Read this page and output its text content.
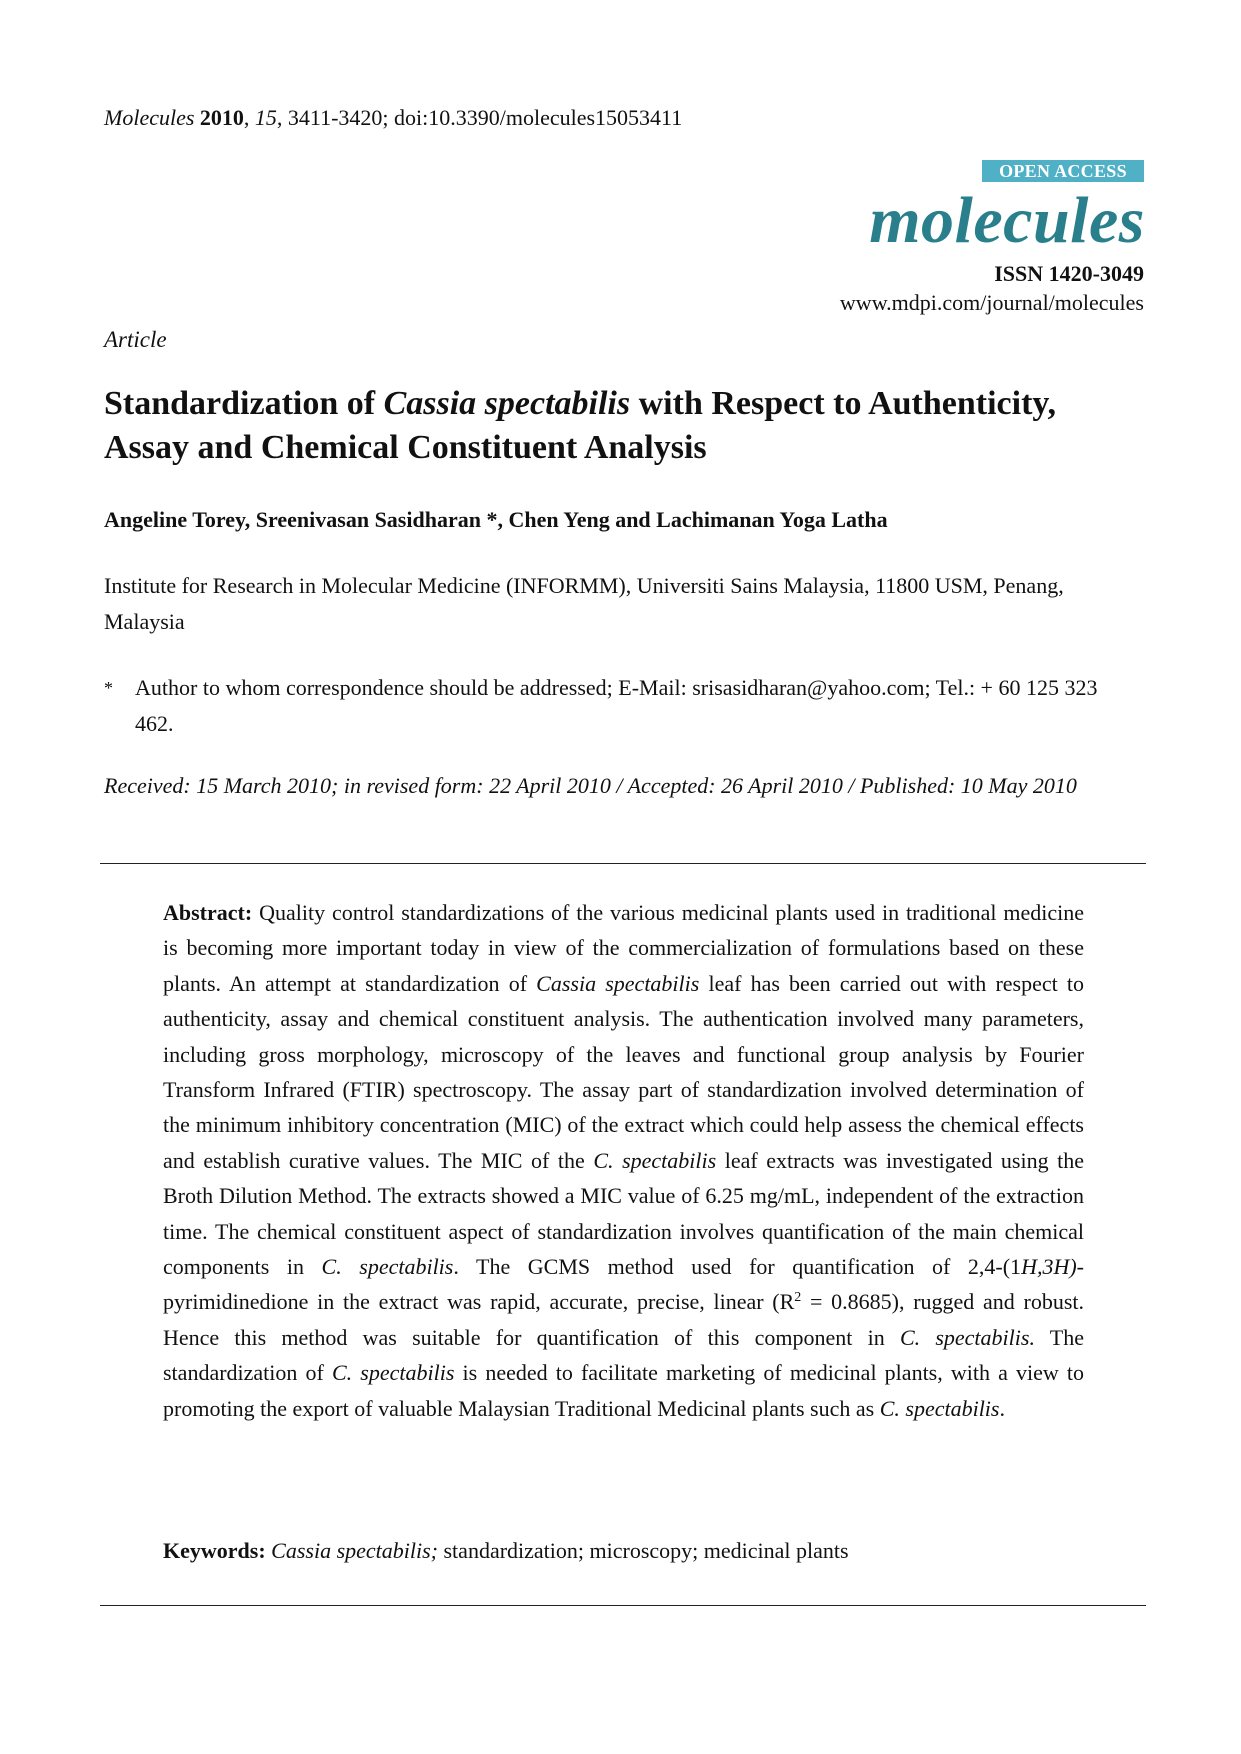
Molecules 2010, 15, 3411-3420; doi:10.3390/molecules15053411
OPEN ACCESS
molecules
ISSN 1420-3049
www.mdpi.com/journal/molecules
Article
Standardization of Cassia spectabilis with Respect to Authenticity, Assay and Chemical Constituent Analysis
Angeline Torey, Sreenivasan Sasidharan *, Chen Yeng and Lachimanan Yoga Latha
Institute for Research in Molecular Medicine (INFORMM), Universiti Sains Malaysia, 11800 USM, Penang, Malaysia
* Author to whom correspondence should be addressed; E-Mail: srisasidharan@yahoo.com; Tel.: + 60 125 323 462.
Received: 15 March 2010; in revised form: 22 April 2010 / Accepted: 26 April 2010 / Published: 10 May 2010
Abstract: Quality control standardizations of the various medicinal plants used in traditional medicine is becoming more important today in view of the commercialization of formulations based on these plants. An attempt at standardization of Cassia spectabilis leaf has been carried out with respect to authenticity, assay and chemical constituent analysis. The authentication involved many parameters, including gross morphology, microscopy of the leaves and functional group analysis by Fourier Transform Infrared (FTIR) spectroscopy. The assay part of standardization involved determination of the minimum inhibitory concentration (MIC) of the extract which could help assess the chemical effects and establish curative values. The MIC of the C. spectabilis leaf extracts was investigated using the Broth Dilution Method. The extracts showed a MIC value of 6.25 mg/mL, independent of the extraction time. The chemical constituent aspect of standardization involves quantification of the main chemical components in C. spectabilis. The GCMS method used for quantification of 2,4-(1H,3H)-pyrimidinedione in the extract was rapid, accurate, precise, linear $(R^2 = 0.8685)$, rugged and robust. Hence this method was suitable for quantification of this component in C. spectabilis. The standardization of C. spectabilis is needed to facilitate marketing of medicinal plants, with a view to promoting the export of valuable Malaysian Traditional Medicinal plants such as C. spectabilis.
Keywords: Cassia spectabilis; standardization; microscopy; medicinal plants
